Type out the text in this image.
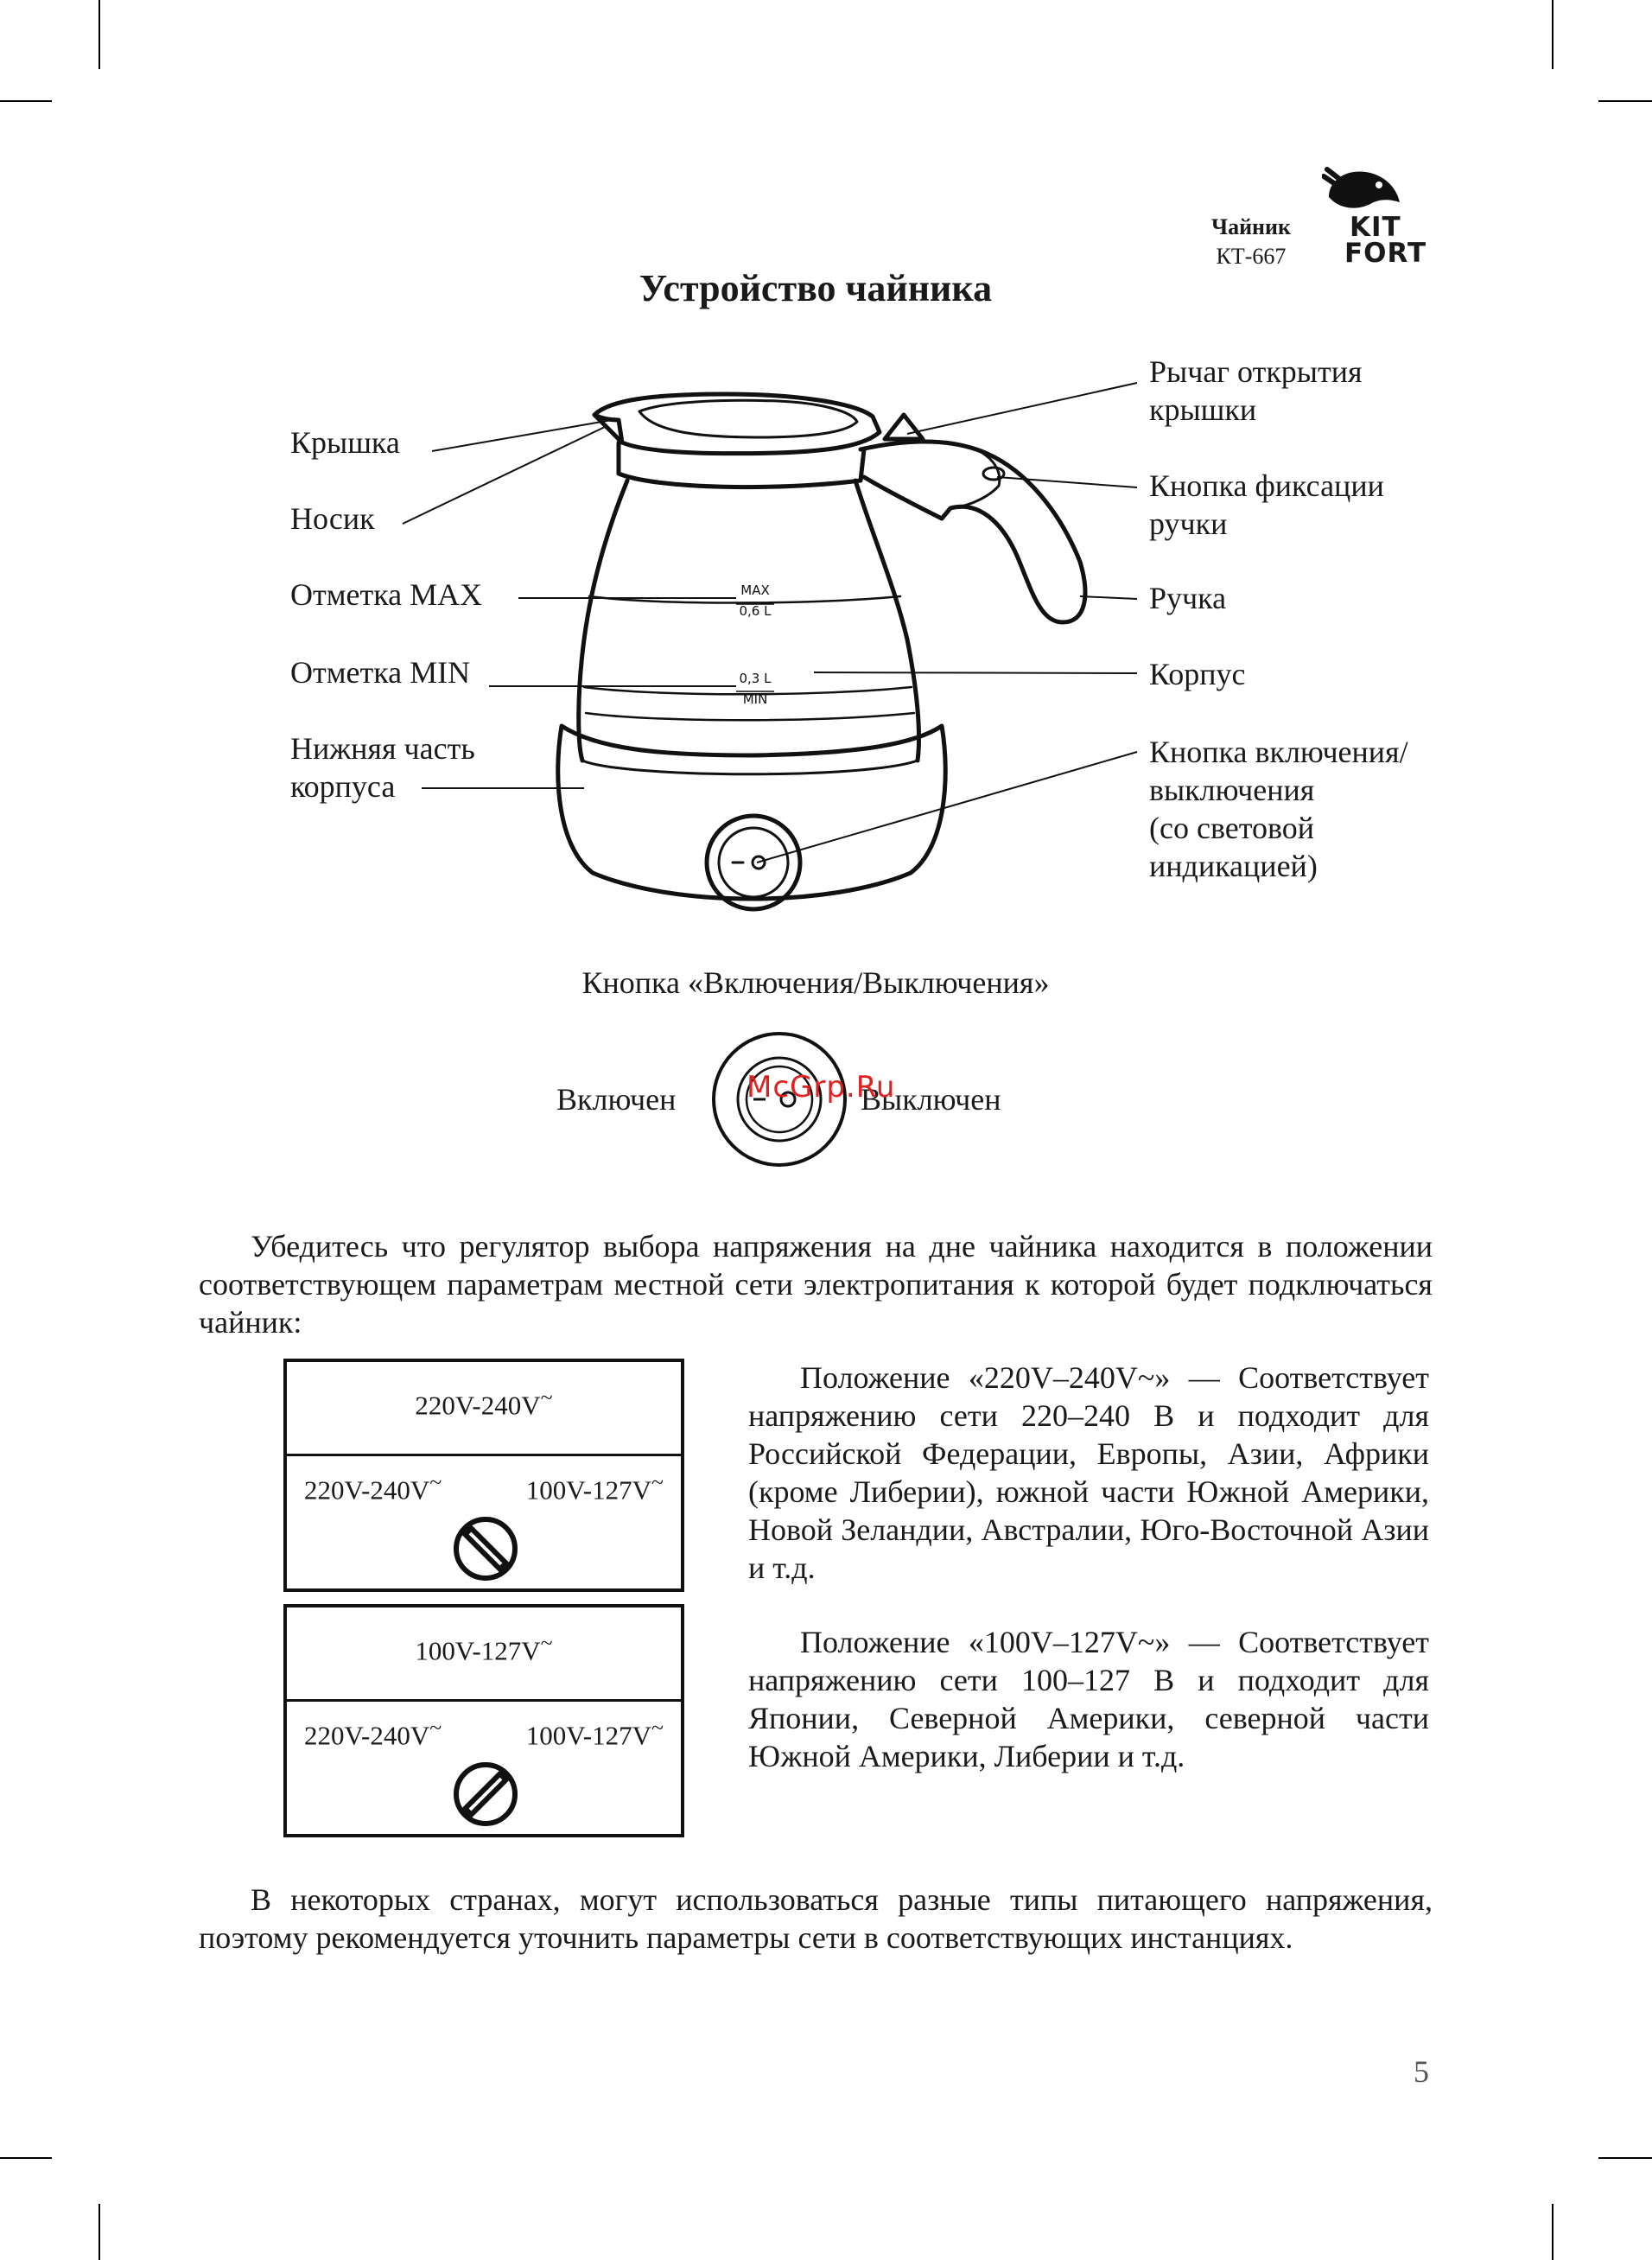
Чайник
КТ-667
KIT
FORT
Устройство чайника
MAX
0,6 L
0,3 L
MIN
Крышка
Носик
Отметка MAX
Отметка MIN
Нижняя часть
корпуса
Рычаг открытия
крышки
Кнопка фиксации
ручки
Ручка
Корпус
Кнопка включения/
выключения
(со световой
индикацией)
Кнопка «Включения/Выключения»
Включен	Выключен
McGrp.Ru
Убедитесь что регулятор выбора напряжения на дне чайника находится в положении соответствующем параметрам местной сети электропитания к которой будет подключаться чайник:
220V-240V~
220V-240V~	100V-127V~
100V-127V~
220V-240V~	100V-127V~
Положение «220V–240V~» — Соответствует напряжению сети 220–240 В и подходит для Российской Федерации, Европы, Азии, Африки (кроме Либерии), южной части Южной Америки, Новой Зеландии, Австралии, Юго-Восточной Азии и т.д.
Положение «100V–127V~» — Соответствует напряжению сети 100–127 В и подходит для Японии, Северной Америки, северной части Южной Америки, Либерии и т.д.
В некоторых странах, могут использоваться разные типы питающего напряжения, поэтому рекомендуется уточнить параметры сети в соответствующих инстанциях.
5
